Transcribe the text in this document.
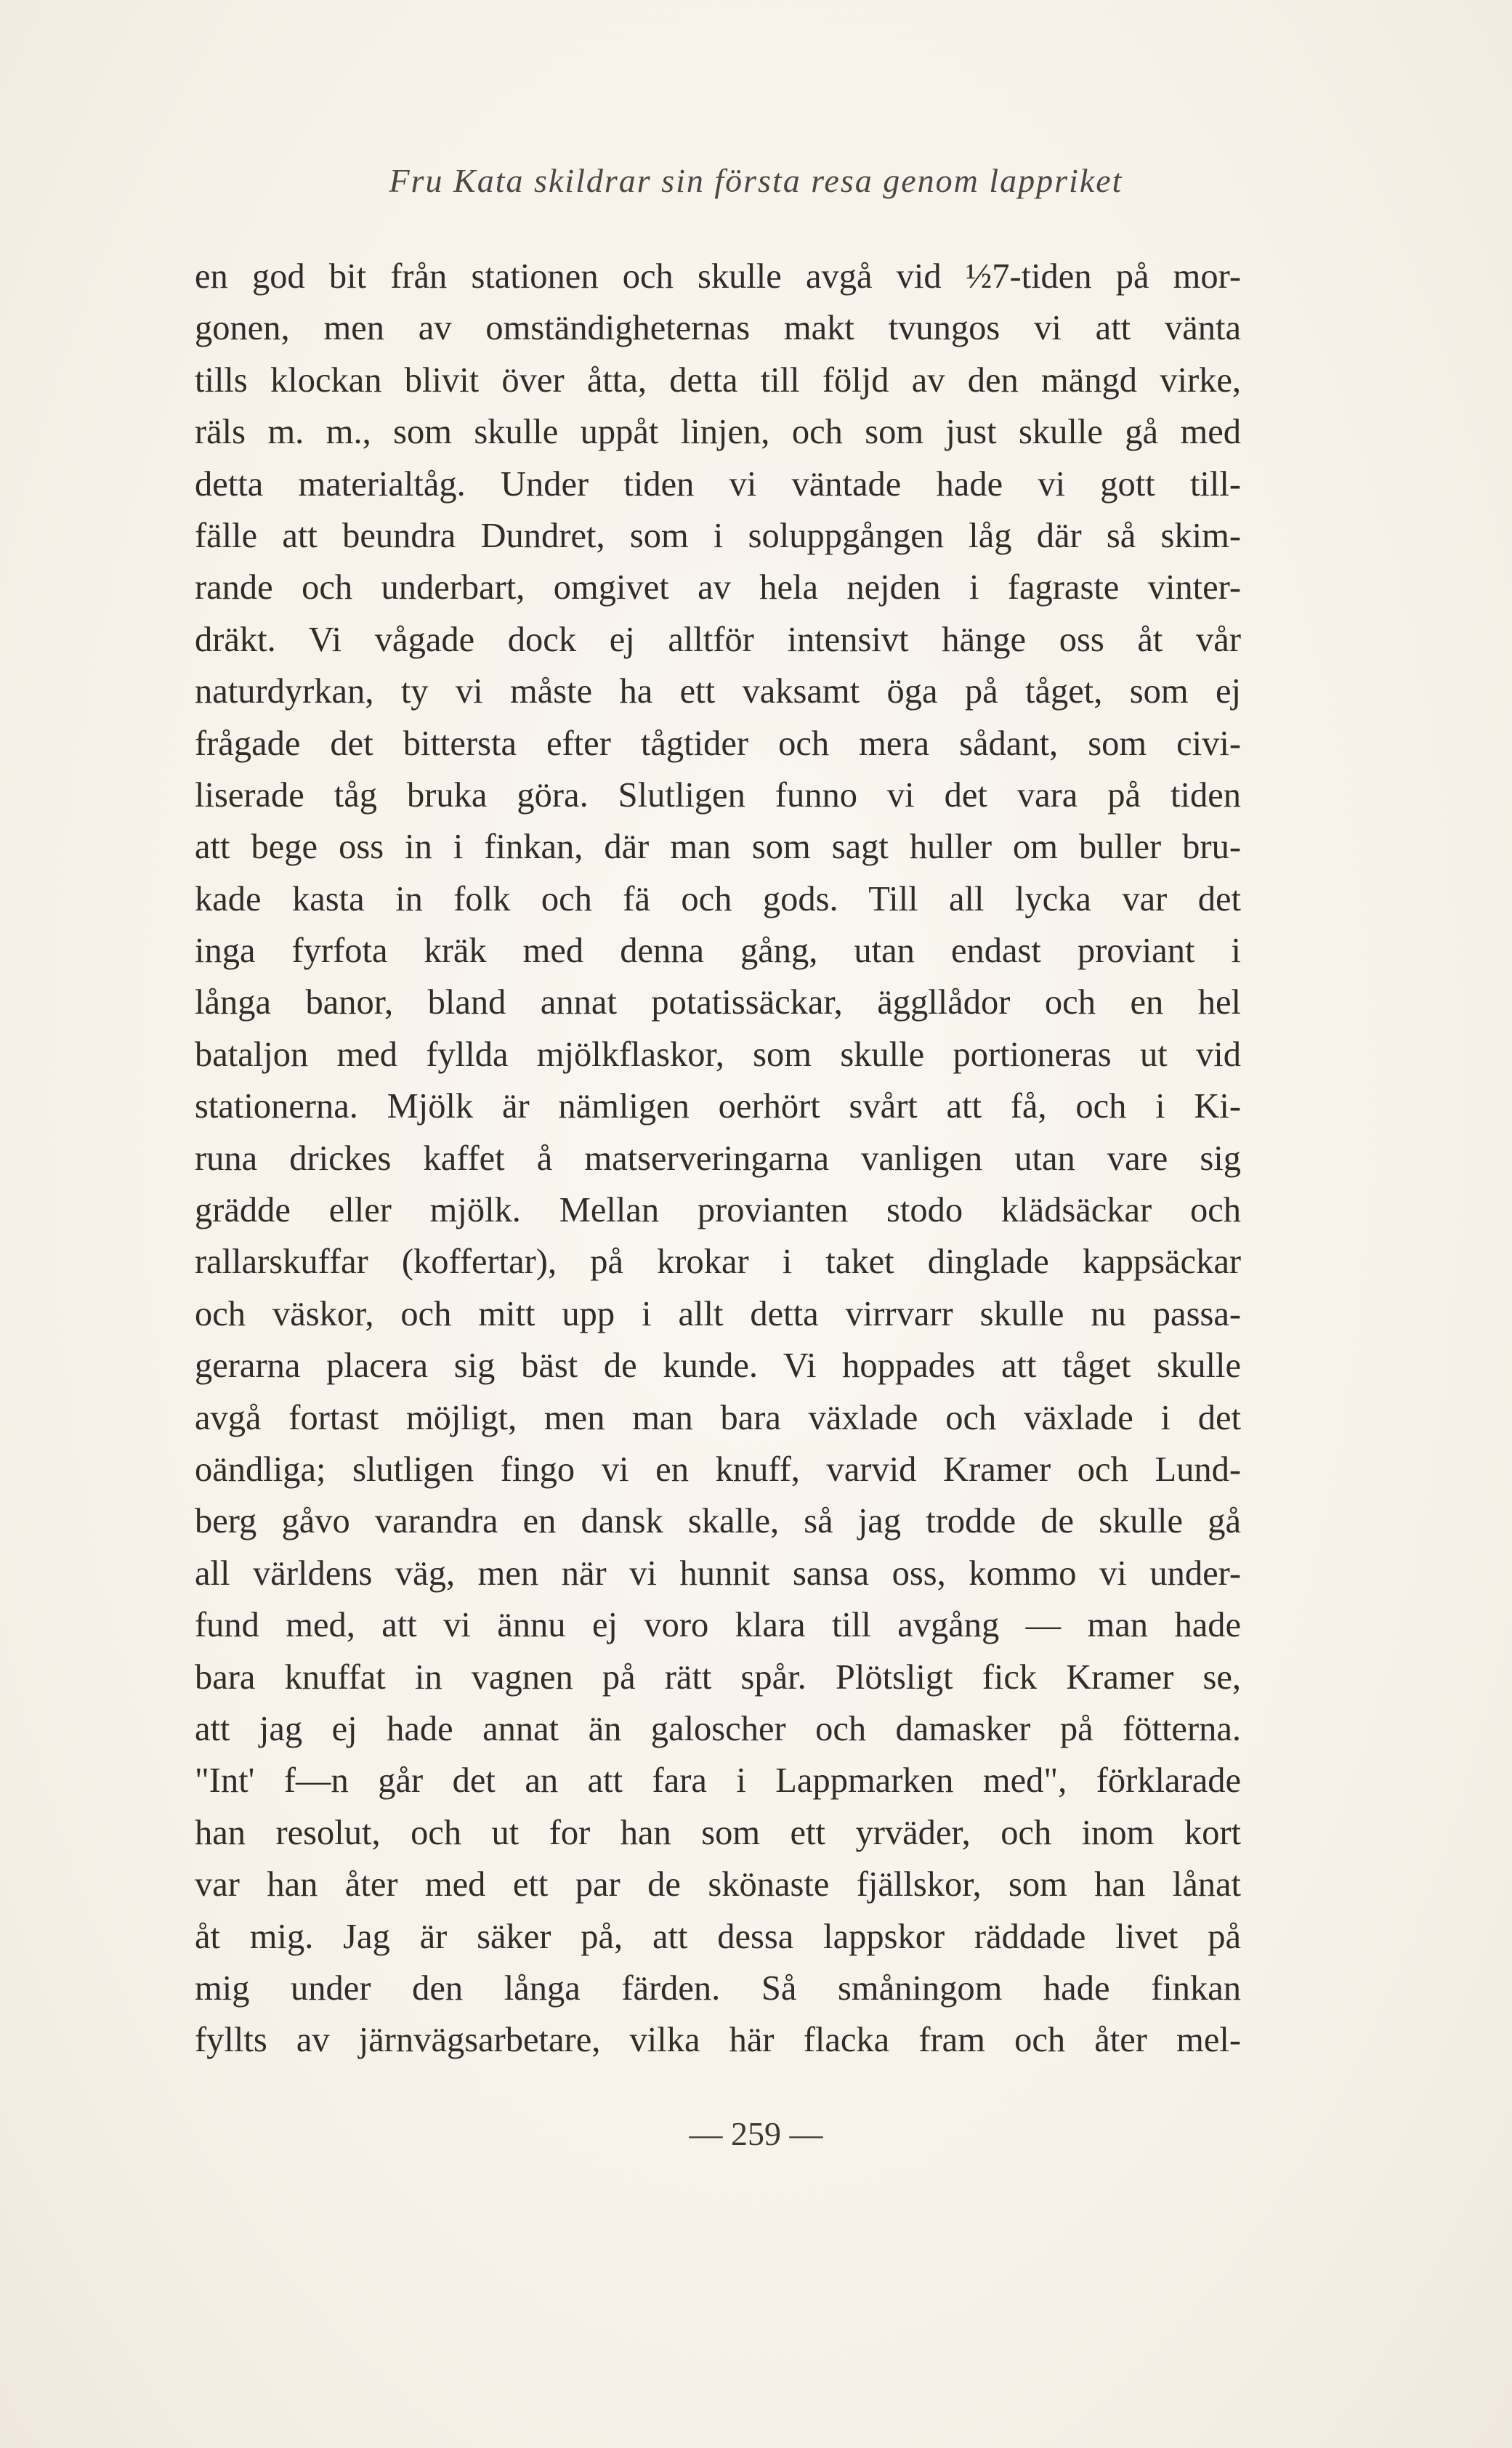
Fru Kata skildrar sin första resa genom lappriket
en god bit från stationen och skulle avgå vid ½7-tiden på mor-
gonen, men av omständigheternas makt tvungos vi att vänta
tills klockan blivit över åtta, detta till följd av den mängd virke,
räls m. m., som skulle uppåt linjen, och som just skulle gå med
detta materialtåg. Under tiden vi väntade hade vi gott till-
fälle att beundra Dundret, som i soluppgången låg där så skim-
rande och underbart, omgivet av hela nejden i fagraste vinter-
dräkt. Vi vågade dock ej alltför intensivt hänge oss åt vår
naturdyrkan, ty vi måste ha ett vaksamt öga på tåget, som ej
frågade det bittersta efter tågtider och mera sådant, som civi-
liserade tåg bruka göra. Slutligen funno vi det vara på tiden
att bege oss in i finkan, där man som sagt huller om buller bru-
kade kasta in folk och fä och gods. Till all lycka var det
inga fyrfota kräk med denna gång, utan endast proviant i
långa banor, bland annat potatissäckar, äggllådor och en hel
bataljon med fyllda mjölkflaskor, som skulle portioneras ut vid
stationerna. Mjölk är nämligen oerhört svårt att få, och i Ki-
runa drickes kaffet å matserveringarna vanligen utan vare sig
grädde eller mjölk. Mellan provianten stodo klädsäckar och
rallarskuffar (koffertar), på krokar i taket dinglade kappsäckar
och väskor, och mitt upp i allt detta virrvarr skulle nu passa-
gerarna placera sig bäst de kunde. Vi hoppades att tåget skulle
avgå fortast möjligt, men man bara växlade och växlade i det
oändliga; slutligen fingo vi en knuff, varvid Kramer och Lund-
berg gåvo varandra en dansk skalle, så jag trodde de skulle gå
all världens väg, men när vi hunnit sansa oss, kommo vi under-
fund med, att vi ännu ej voro klara till avgång — man hade
bara knuffat in vagnen på rätt spår. Plötsligt fick Kramer se,
att jag ej hade annat än galoscher och damasker på fötterna.
"Int' f—n går det an att fara i Lappmarken med", förklarade
han resolut, och ut for han som ett yrväder, och inom kort
var han åter med ett par de skönaste fjällskor, som han lånat
åt mig. Jag är säker på, att dessa lappskor räddade livet på
mig under den långa färden. Så småningom hade finkan
fyllts av järnvägsarbetare, vilka här flacka fram och åter mel-
— 259 —
